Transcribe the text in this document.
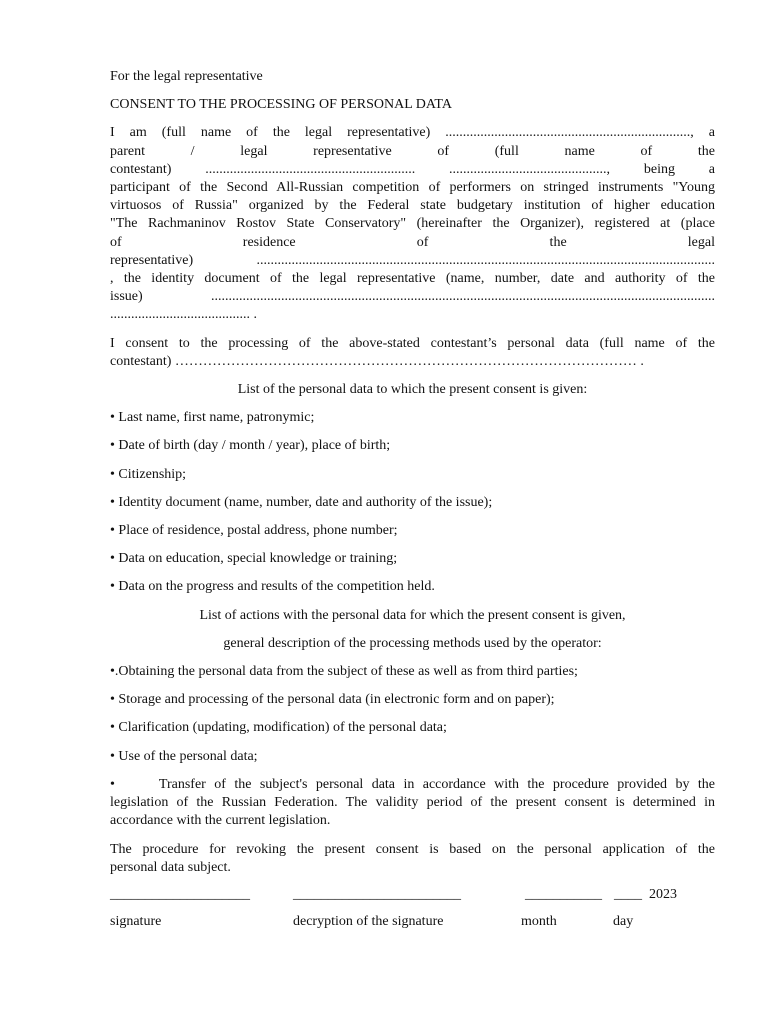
For the legal representative

CONSENT TO THE PROCESSING OF PERSONAL DATA

I am (full name of the legal representative) ......................................................................, a

parent / legal representative of (full name of the

contestant) ............................................................ ............................................., being a

participant of the Second All-Russian competition of performers on stringed instruments "Young

virtuosos of Russia" organized by the Federal state budgetary institution of higher education

"The Rachmaninov Rostov State Conservatory" (hereinafter the Organizer), registered at (place

of residence of the legal

representative) ...................................................................................................................................

, the identity document of the legal representative (name, number, date and authority of the

issue) ................................................................................................................................................

........................................ .

I consent to the processing of the above-stated contestant’s personal data (full name of the

contestant) ……………………………………………………………………………………… .

List of the personal data to which the present consent is given:

• Last name, first name, patronymic;

• Date of birth (day / month / year), place of birth;

• Citizenship;

• Identity document (name, number, date and authority of the issue);

• Place of residence, postal address, phone number;

• Data on education, special knowledge or training;

• Data on the progress and results of the competition held.

List of actions with the personal data for which the present consent is given,

general description of the processing methods used by the operator:

•.Obtaining the personal data from the subject of these as well as from third parties;

• Storage and processing of the personal data (in electronic form and on paper);

• Clarification (updating, modification) of the personal data;

• Use of the personal data;

•	Transfer of the subject's personal data in accordance with the procedure provided by the

legislation of the Russian Federation. The validity period of the present consent is determined in

accordance with the current legislation.

The procedure for revoking the present consent is based on the personal application of the

personal data subject.

____________________	________________________	___________ ____ 2023
signature	decryption of the signature	month	day
